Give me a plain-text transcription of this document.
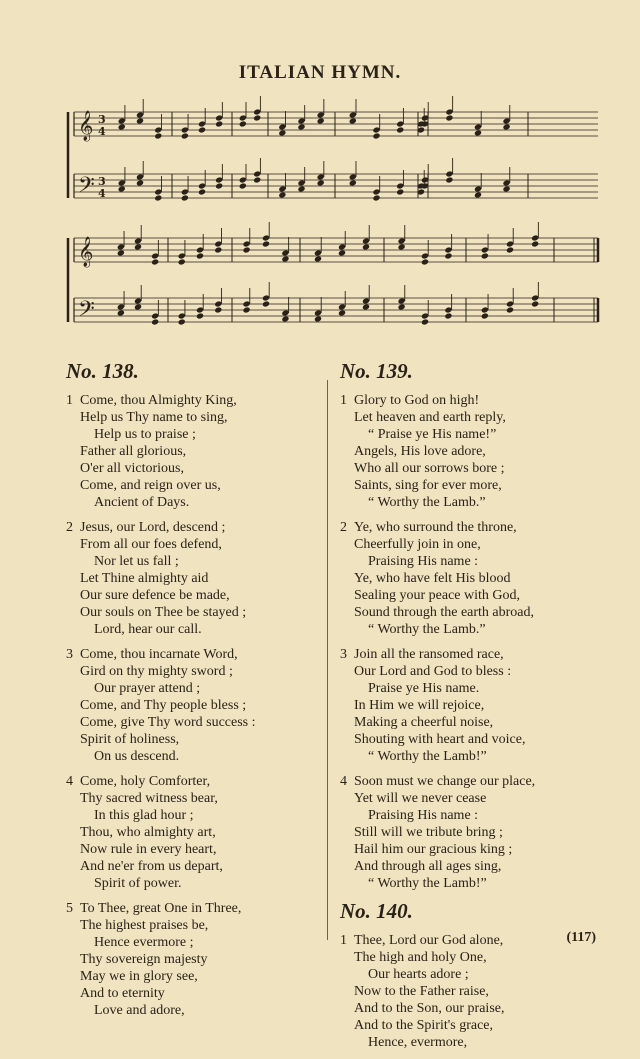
ITALIAN HYMN.
𝄞 3
4
𝄢 3
4
𝄞
𝄢
No. 138.
1 Come, thou Almighty King,
Help us Thy name to sing,
Help us to praise ;
Father all glorious,
O'er all victorious,
Come, and reign over us,
Ancient of Days.
2 Jesus, our Lord, descend ;
From all our foes defend,
Nor let us fall ;
Let Thine almighty aid
Our sure defence be made,
Our souls on Thee be stayed ;
Lord, hear our call.
3 Come, thou incarnate Word,
Gird on thy mighty sword ;
Our prayer attend ;
Come, and Thy people bless ;
Come, give Thy word success :
Spirit of holiness,
On us descend.
4 Come, holy Comforter,
Thy sacred witness bear,
In this glad hour ;
Thou, who almighty art,
Now rule in every heart,
And ne'er from us depart,
Spirit of power.
5 To Thee, great One in Three,
The highest praises be,
Hence evermore ;
Thy sovereign majesty
May we in glory see,
And to eternity
Love and adore,
No. 139.
1 Glory to God on high!
Let heaven and earth reply,
“ Praise ye His name!”
Angels, His love adore,
Who all our sorrows bore ;
Saints, sing for ever more,
“ Worthy the Lamb.”
2 Ye, who surround the throne,
Cheerfully join in one,
Praising His name :
Ye, who have felt His blood
Sealing your peace with God,
Sound through the earth abroad,
“ Worthy the Lamb.”
3 Join all the ransomed race,
Our Lord and God to bless :
Praise ye His name.
In Him we will rejoice,
Making a cheerful noise,
Shouting with heart and voice,
“ Worthy the Lamb!”
4 Soon must we change our place,
Yet will we never cease
Praising His name :
Still will we tribute bring ;
Hail him our gracious king ;
And through all ages sing,
“ Worthy the Lamb!”
No. 140.
1 Thee, Lord our God alone,
The high and holy One,
Our hearts adore ;
Now to the Father raise,
And to the Son, our praise,
And to the Spirit's grace,
Hence, evermore,
(117)
